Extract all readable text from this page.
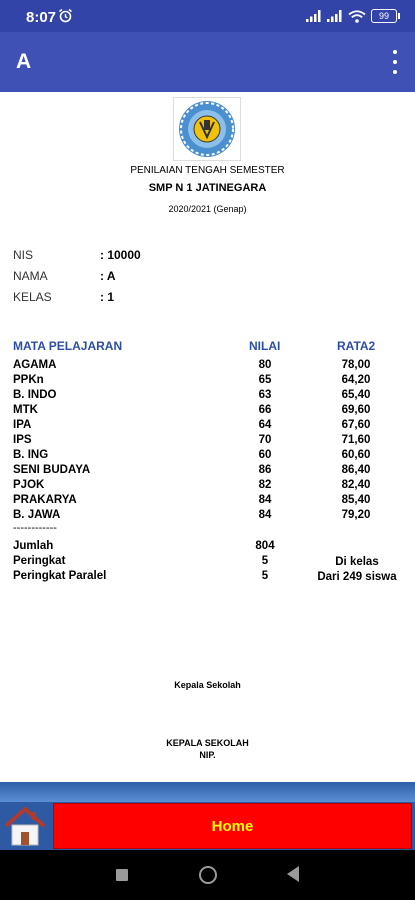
8:07	99
A
PENILAIAN TENGAH SEMESTER
SMP N 1 JATINEGARA
2020/2021 (Genap)
NIS	: 10000
NAMA	: A
KELAS	: 1
MATA PELAJARAN	NILAI	RATA2
AGAMA	80	78,00
PPKn	65	64,20
B. INDO	63	65,40
MTK	66	69,60
IPA	64	67,60
IPS	70	71,60
B. ING	60	60,60
SENI BUDAYA	86	86,40
PJOK	82	82,40
PRAKARYA	84	85,40
B. JAWA	84	79,20
------------
Jumlah	804
Peringkat	5	Di kelas
Peringkat Paralel	5	Dari 249 siswa
Kepala Sekolah
KEPALA SEKOLAH
NIP.
Home
